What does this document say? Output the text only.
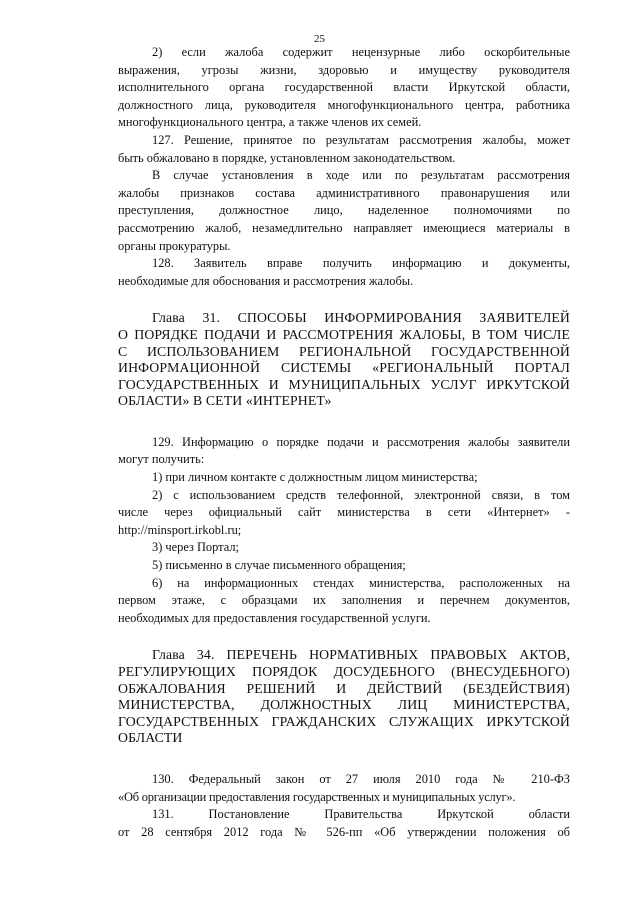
25
2) если жалоба содержит нецензурные либо оскорбительные
выражения, угрозы жизни, здоровью и имуществу руководителя
исполнительного органа государственной власти Иркутской области,
должностного лица, руководителя многофункционального центра, работника
многофункционального центра, а также членов их семей.
127. Решение, принятое по результатам рассмотрения жалобы, может
быть обжаловано в порядке, установленном законодательством.
В случае установления в ходе или по результатам рассмотрения
жалобы признаков состава административного правонарушения или
преступления, должностное лицо, наделенное полномочиями по
рассмотрению жалоб, незамедлительно направляет имеющиеся материалы в
органы прокуратуры.
128. Заявитель вправе получить информацию и документы,
необходимые для обоснования и рассмотрения жалобы.
Глава 31. СПОСОБЫ ИНФОРМИРОВАНИЯ ЗАЯВИТЕЛЕЙ
О ПОРЯДКЕ ПОДАЧИ И РАССМОТРЕНИЯ ЖАЛОБЫ, В ТОМ ЧИСЛЕ
С ИСПОЛЬЗОВАНИЕМ РЕГИОНАЛЬНОЙ ГОСУДАРСТВЕННОЙ
ИНФОРМАЦИОННОЙ СИСТЕМЫ «РЕГИОНАЛЬНЫЙ ПОРТАЛ
ГОСУДАРСТВЕННЫХ И МУНИЦИПАЛЬНЫХ УСЛУГ ИРКУТСКОЙ
ОБЛАСТИ» В СЕТИ «ИНТЕРНЕТ»
129. Информацию о порядке подачи и рассмотрения жалобы заявители
могут получить:
1) при личном контакте с должностным лицом министерства;
2) с использованием средств телефонной, электронной связи, в том
числе через официальный сайт министерства в сети «Интернет» -
http://minsport.irkobl.ru;
3) через Портал;
5) письменно в случае письменного обращения;
6) на информационных стендах министерства, расположенных на
первом этаже, с образцами их заполнения и перечнем документов,
необходимых для предоставления государственной услуги.
Глава 34. ПЕРЕЧЕНЬ НОРМАТИВНЫХ ПРАВОВЫХ АКТОВ,
РЕГУЛИРУЮЩИХ ПОРЯДОК ДОСУДЕБНОГО (ВНЕСУДЕБНОГО)
ОБЖАЛОВАНИЯ РЕШЕНИЙ И ДЕЙСТВИЙ (БЕЗДЕЙСТВИЯ)
МИНИСТЕРСТВА, ДОЛЖНОСТНЫХ ЛИЦ МИНИСТЕРСТВА,
ГОСУДАРСТВЕННЫХ ГРАЖДАНСКИХ СЛУЖАЩИХ ИРКУТСКОЙ
ОБЛАСТИ
130. Федеральный закон от 27 июля 2010 года № 210-ФЗ
«Об организации предоставления государственных и муниципальных услуг».
131. Постановление Правительства Иркутской области
от 28 сентября 2012 года № 526-пп «Об утверждении положения об
